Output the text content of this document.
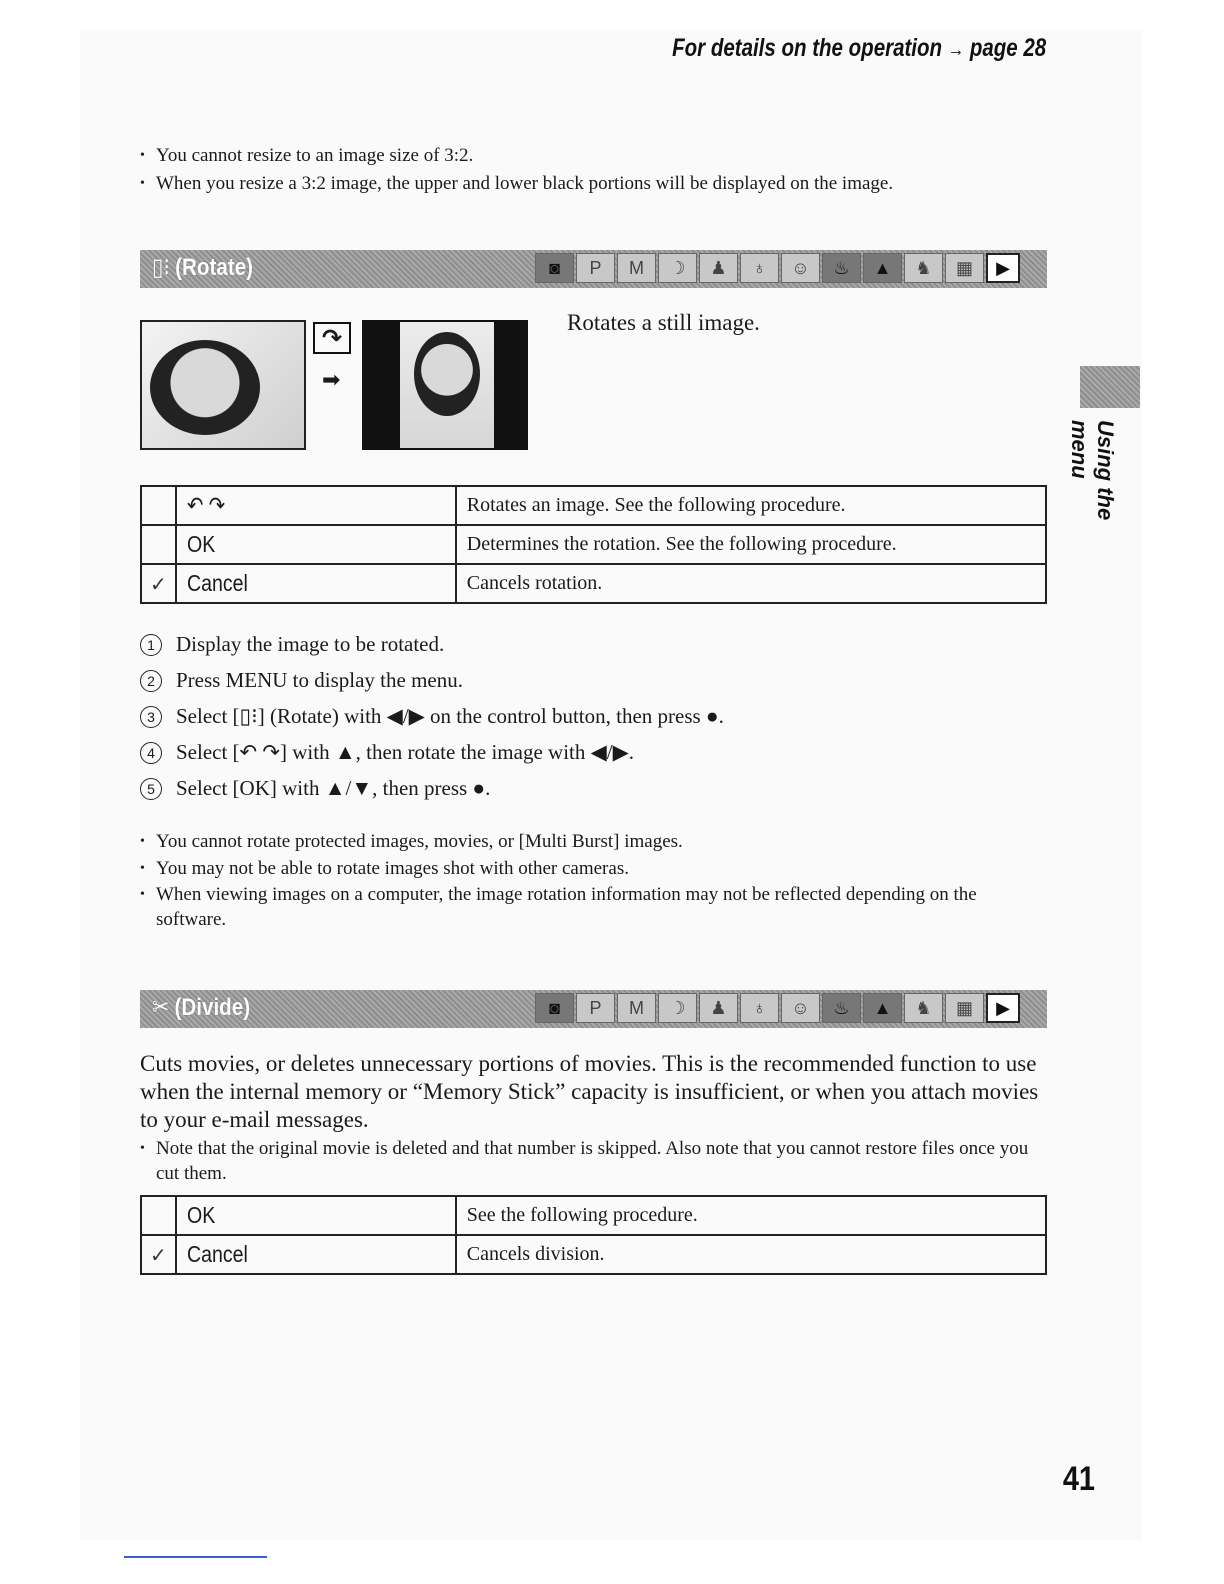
For details on the operation → page 28
• You cannot resize to an image size of 3:2.
• When you resize a 3:2 image, the upper and lower black portions will be displayed on the image.
▯⁝ (Rotate)	◙	P	M	☽	♟	♁	☺	♨	▲	♞	▦	▶
↷
➡
Rotates a still image.
	↶ ↷	Rotates an image. See the following procedure.
	OK	Determines the rotation. See the following procedure.
✓	Cancel	Cancels rotation.
1	Display the image to be rotated.
2	Press MENU to display the menu.
3	Select [▯⁝] (Rotate) with ◀/▶ on the control button, then press ●.
4	Select [↶ ↷] with ▲, then rotate the image with ◀/▶.
5	Select [OK] with ▲/▼, then press ●.
• You cannot rotate protected images, movies, or [Multi Burst] images.
• You may not be able to rotate images shot with other cameras.
• When viewing images on a computer, the image rotation information may not be reflected depending on the software.
✂ (Divide)	◙	P	M	☽	♟	♁	☺	♨	▲	♞	▦	▶
Cuts movies, or deletes unnecessary portions of movies. This is the recommended function to use when the internal memory or “Memory Stick” capacity is insufficient, or when you attach movies to your e-mail messages.
• Note that the original movie is deleted and that number is skipped. Also note that you cannot restore files once you cut them.
	OK	See the following procedure.
✓	Cancel	Cancels division.
Using the menu
41
